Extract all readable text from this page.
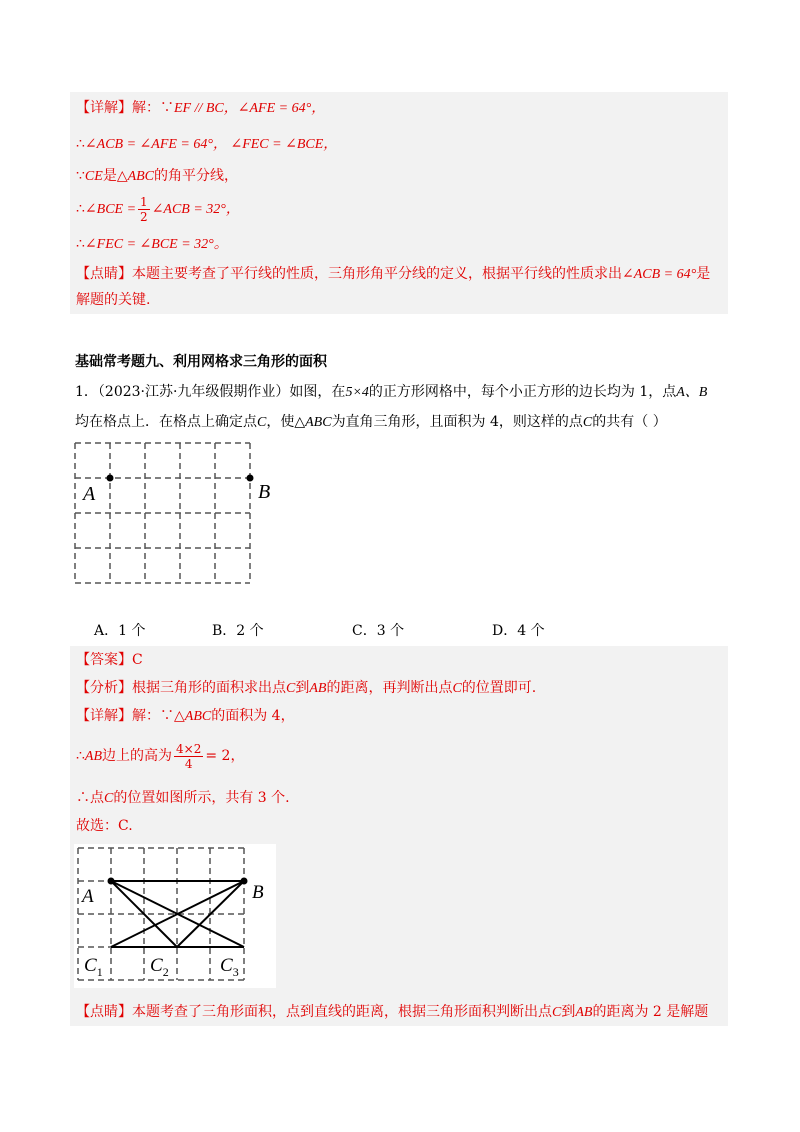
【详解】解：∵EF // BC，∠AFE = 64°，
∴∠ACB = ∠AFE = 64°， ∠FEC = ∠BCE，
∵CE是△ABC的角平分线，
∴∠BCE = $\frac{1}{2}$ ∠ACB = 32°，
∴∠FEC = ∠BCE = 32°。
【点睛】本题主要考查了平行线的性质，三角形角平分线的定义，根据平行线的性质求出∠ACB = 64°是
解题的关键.
基础常考题九、利用网格求三角形的面积
1．（2023·江苏·九年级假期作业）如图，在5×4的正方形网格中，每个小正方形的边长均为 1，点A、B
均在格点上．在格点上确定点C，使△ABC为直角三角形，且面积为 4，则这样的点C的共有（ ）
A	B
A．1 个	B．2 个	C．3 个	D．4 个
【答案】C
【分析】根据三角形的面积求出点C到AB的距离，再判断出点C的位置即可.
【详解】解：∵△ABC的面积为 4，
∴AB边上的高为 $\frac{4\times 2}{4} = 2$，
∴点C的位置如图所示，共有 3 个.
故选：C.
A	B
$C_1$ $C_2$	$C_3$
【点睛】本题考查了三角形面积，点到直线的距离，根据三角形面积判断出点C到AB的距离为 2 是解题
